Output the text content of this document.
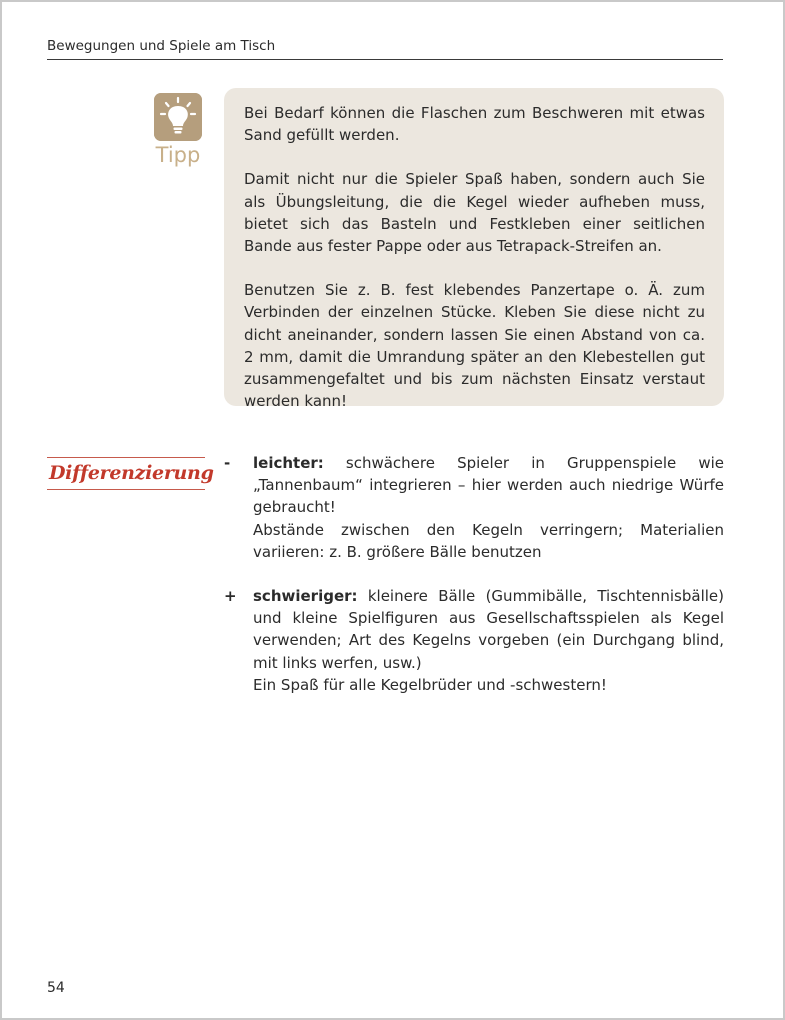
Bewegungen und Spiele am Tisch
Tipp

Bei Bedarf können die Flaschen zum Beschweren mit etwas Sand gefüllt werden.

Damit nicht nur die Spieler Spaß haben, sondern auch Sie als Übungsleitung, die die Kegel wieder aufheben muss, bietet sich das Basteln und Festkleben einer seitlichen Bande aus fester Pappe oder aus Tetrapack-Streifen an.

Benutzen Sie z. B. fest klebendes Panzertape o. Ä. zum Verbinden der einzelnen Stücke. Kleben Sie diese nicht zu dicht aneinander, sondern lassen Sie einen Abstand von ca. 2 mm, damit die Umrandung später an den Klebestellen gut zusammengefaltet und bis zum nächsten Einsatz verstaut werden kann!

Differenzierung - leichter: schwächere Spieler in Gruppenspiele wie „Tannenbaum“ integrieren – hier werden auch niedrige Würfe gebraucht!
Abstände zwischen den Kegeln verringern; Materialien variieren: z. B. größere Bälle benutzen

+ schwieriger: kleinere Bälle (Gummibälle, Tischtennisbälle) und kleine Spielfiguren aus Gesellschaftsspielen als Kegel verwenden; Art des Kegelns vorgeben (ein Durchgang blind, mit links werfen, usw.)
Ein Spaß für alle Kegelbrüder und -schwestern!

54
